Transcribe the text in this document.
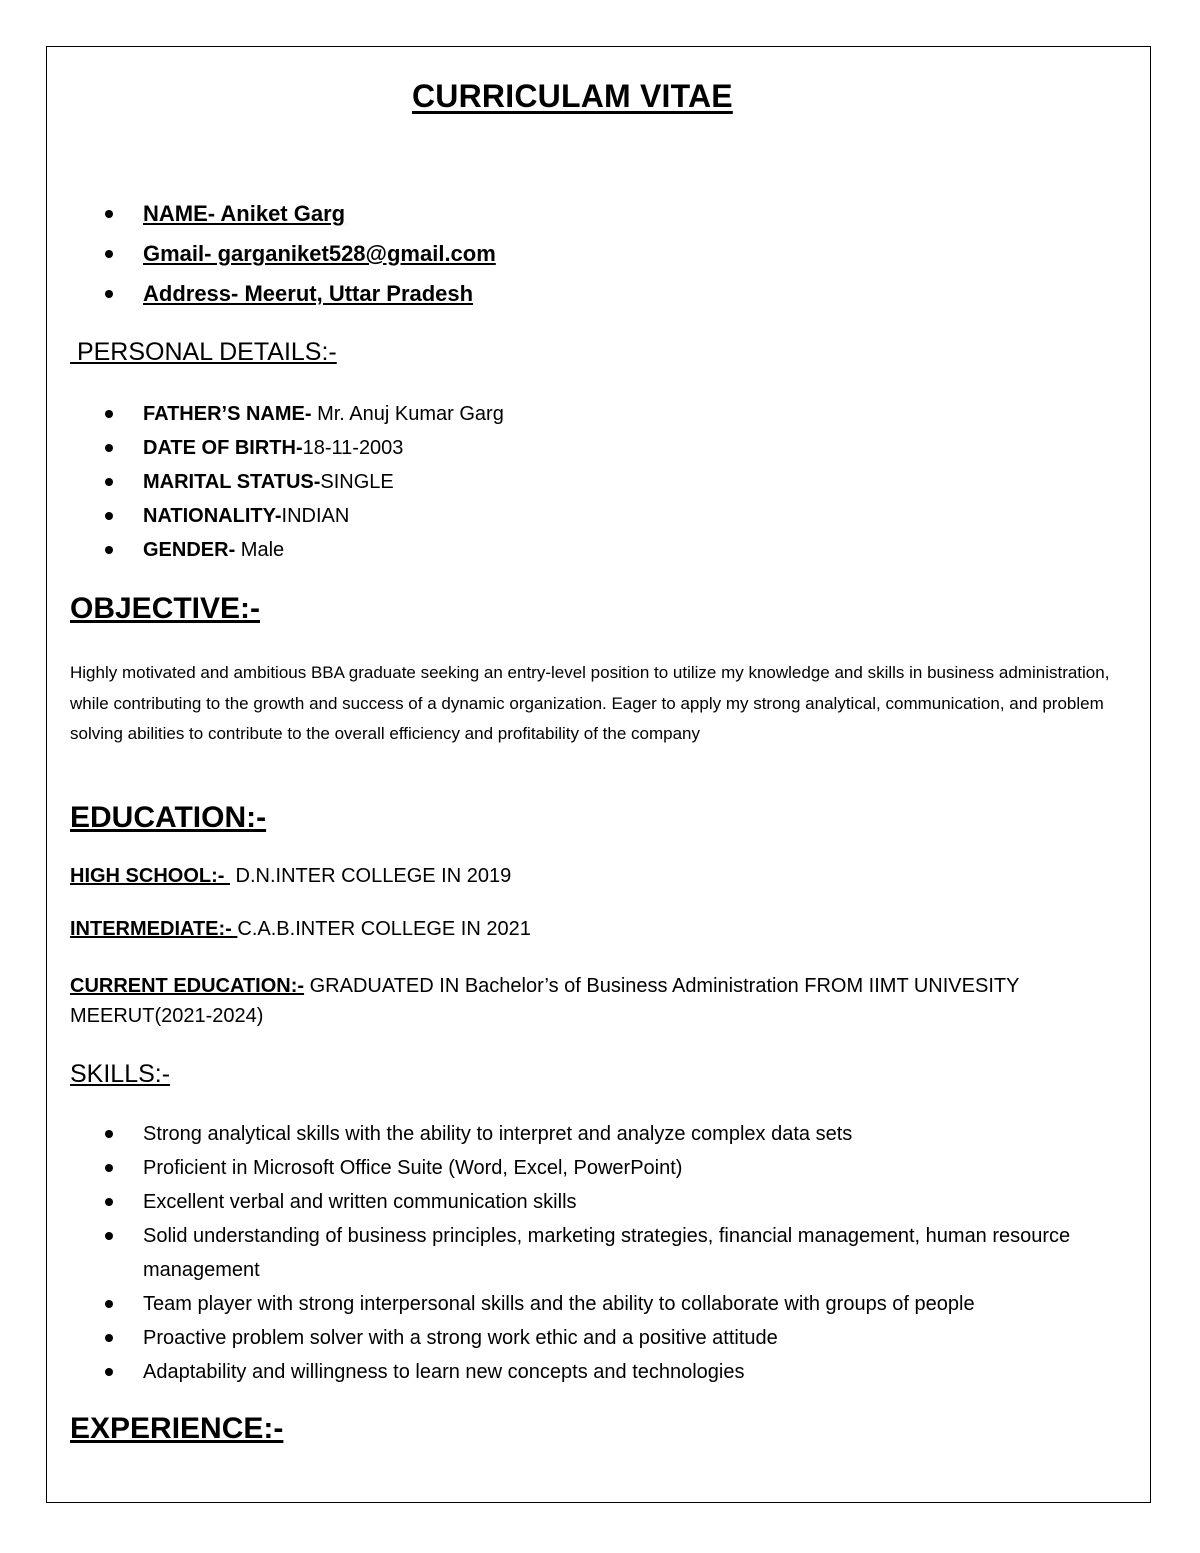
CURRICULAM VITAE
NAME- Aniket Garg
Gmail- garganiket528@gmail.com
Address- Meerut, Uttar Pradesh
PERSONAL DETAILS:-
FATHER’S NAME- Mr. Anuj Kumar Garg
DATE OF BIRTH-18-11-2003
MARITAL STATUS-SINGLE
NATIONALITY-INDIAN
GENDER- Male
OBJECTIVE:-
Highly motivated and ambitious BBA graduate seeking an entry-level position to utilize my knowledge and skills in business administration, while contributing to the growth and success of a dynamic organization. Eager to apply my strong analytical, communication, and problem solving abilities to contribute to the overall efficiency and profitability of the company
EDUCATION:-
HIGH SCHOOL:-  D.N.INTER COLLEGE IN 2019
INTERMEDIATE:- C.A.B.INTER COLLEGE IN 2021
CURRENT EDUCATION:- GRADUATED IN Bachelor’s of Business Administration FROM IIMT UNIVESITY MEERUT(2021-2024)
SKILLS:-
Strong analytical skills with the ability to interpret and analyze complex data sets
Proficient in Microsoft Office Suite (Word, Excel, PowerPoint)
Excellent verbal and written communication skills
Solid understanding of business principles, marketing strategies, financial management, human resource management
Team player with strong interpersonal skills and the ability to collaborate with groups of people
Proactive problem solver with a strong work ethic and a positive attitude
Adaptability and willingness to learn new concepts and technologies
EXPERIENCE:-
